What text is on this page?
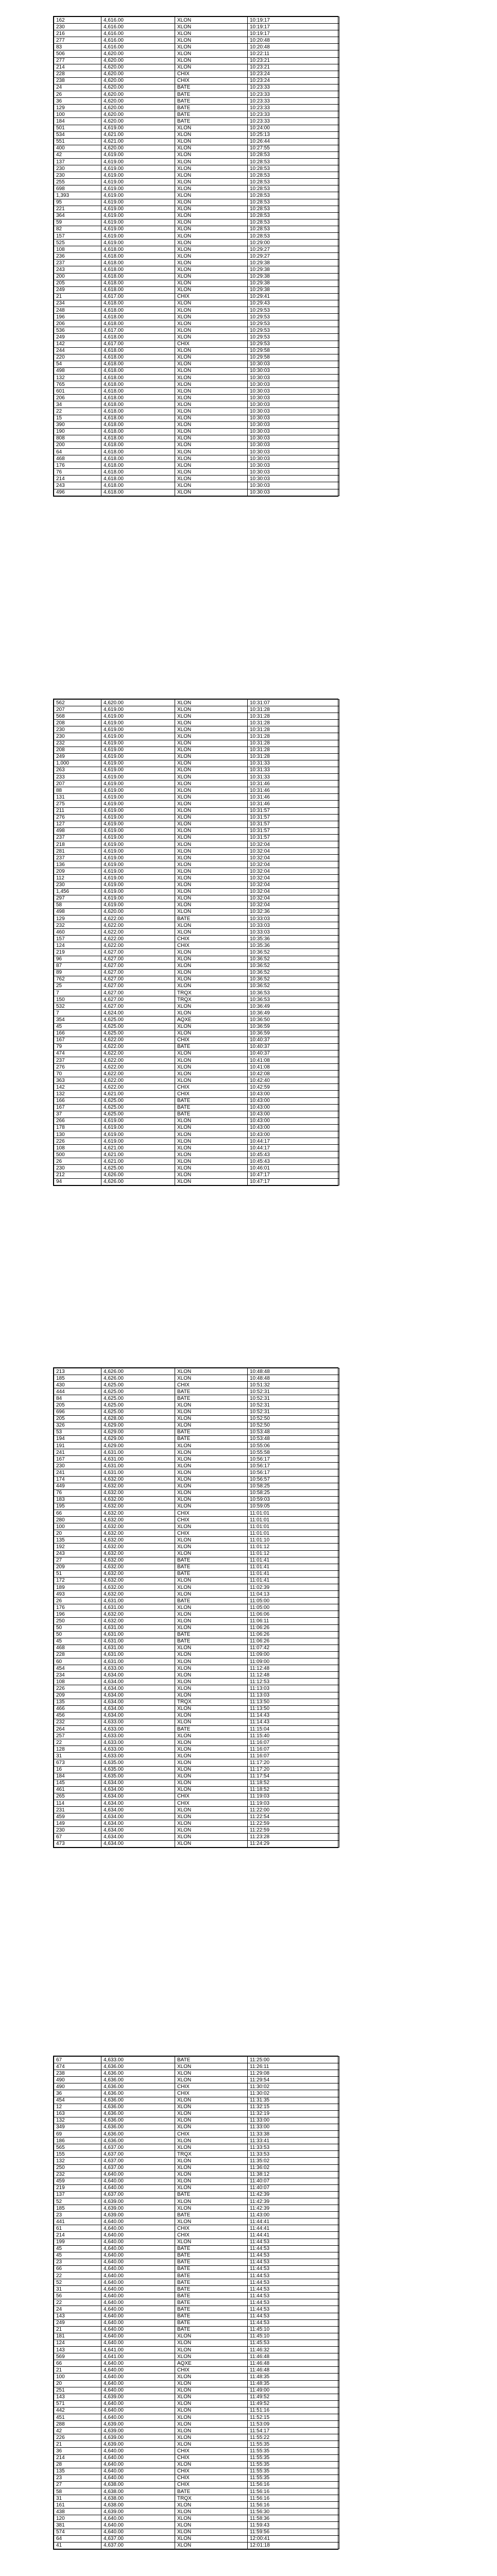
162	4,616.00	XLON	10:19:17
230	4,616.00	XLON	10:19:17
216	4,616.00	XLON	10:19:17
277	4,616.00	XLON	10:20:48
83	4,616.00	XLON	10:20:48
506	4,620.00	XLON	10:22:11
277	4,620.00	XLON	10:23:21
214	4,620.00	XLON	10:23:21
228	4,620.00	CHIX	10:23:24
238	4,620.00	CHIX	10:23:24
24	4,620.00	BATE	10:23:33
26	4,620.00	BATE	10:23:33
36	4,620.00	BATE	10:23:33
129	4,620.00	BATE	10:23:33
100	4,620.00	BATE	10:23:33
184	4,620.00	BATE	10:23:33
501	4,619.00	XLON	10:24:00
534	4,621.00	XLON	10:25:13
551	4,621.00	XLON	10:26:44
400	4,620.00	XLON	10:27:55
42	4,619.00	XLON	10:28:53
137	4,619.00	XLON	10:28:53
230	4,619.00	XLON	10:28:53
230	4,619.00	XLON	10:28:53
255	4,619.00	XLON	10:28:53
698	4,619.00	XLON	10:28:53
1,393	4,619.00	XLON	10:28:53
95	4,619.00	XLON	10:28:53
221	4,619.00	XLON	10:28:53
364	4,619.00	XLON	10:28:53
59	4,619.00	XLON	10:28:53
82	4,619.00	XLON	10:28:53
157	4,619.00	XLON	10:28:53
525	4,619.00	XLON	10:29:00
108	4,618.00	XLON	10:29:27
236	4,618.00	XLON	10:29:27
237	4,618.00	XLON	10:29:38
243	4,618.00	XLON	10:29:38
200	4,618.00	XLON	10:29:38
205	4,618.00	XLON	10:29:38
249	4,618.00	XLON	10:29:38
21	4,617.00	CHIX	10:29:41
234	4,618.00	XLON	10:29:43
248	4,618.00	XLON	10:29:53
196	4,618.00	XLON	10:29:53
206	4,618.00	XLON	10:29:53
536	4,617.00	XLON	10:29:53
249	4,618.00	XLON	10:29:53
142	4,617.00	CHIX	10:29:53
244	4,618.00	XLON	10:29:58
220	4,618.00	XLON	10:29:58
54	4,618.00	XLON	10:30:03
498	4,618.00	XLON	10:30:03
132	4,618.00	XLON	10:30:03
765	4,618.00	XLON	10:30:03
601	4,618.00	XLON	10:30:03
206	4,618.00	XLON	10:30:03
34	4,618.00	XLON	10:30:03
22	4,618.00	XLON	10:30:03
15	4,618.00	XLON	10:30:03
390	4,618.00	XLON	10:30:03
190	4,618.00	XLON	10:30:03
808	4,618.00	XLON	10:30:03
200	4,618.00	XLON	10:30:03
64	4,618.00	XLON	10:30:03
468	4,618.00	XLON	10:30:03
176	4,618.00	XLON	10:30:03
76	4,618.00	XLON	10:30:03
214	4,618.00	XLON	10:30:03
243	4,618.00	XLON	10:30:03
496	4,618.00	XLON	10:30:03
562	4,620.00	XLON	10:31:07
207	4,619.00	XLON	10:31:28
568	4,619.00	XLON	10:31:28
208	4,619.00	XLON	10:31:28
230	4,619.00	XLON	10:31:28
230	4,619.00	XLON	10:31:28
232	4,619.00	XLON	10:31:28
208	4,619.00	XLON	10:31:28
249	4,619.00	XLON	10:31:28
1,000	4,619.00	XLON	10:31:33
263	4,619.00	XLON	10:31:33
233	4,619.00	XLON	10:31:33
207	4,619.00	XLON	10:31:46
88	4,619.00	XLON	10:31:46
131	4,619.00	XLON	10:31:46
275	4,619.00	XLON	10:31:46
211	4,619.00	XLON	10:31:57
276	4,619.00	XLON	10:31:57
127	4,619.00	XLON	10:31:57
498	4,619.00	XLON	10:31:57
237	4,619.00	XLON	10:31:57
218	4,619.00	XLON	10:32:04
281	4,619.00	XLON	10:32:04
237	4,619.00	XLON	10:32:04
136	4,619.00	XLON	10:32:04
209	4,619.00	XLON	10:32:04
112	4,619.00	XLON	10:32:04
230	4,619.00	XLON	10:32:04
1,456	4,619.00	XLON	10:32:04
297	4,619.00	XLON	10:32:04
58	4,619.00	XLON	10:32:04
498	4,620.00	XLON	10:32:36
129	4,622.00	BATE	10:33:03
232	4,622.00	XLON	10:33:03
460	4,622.00	XLON	10:33:03
157	4,622.00	CHIX	10:35:36
124	4,622.00	CHIX	10:35:36
219	4,627.00	XLON	10:36:52
96	4,627.00	XLON	10:36:52
87	4,627.00	XLON	10:36:52
89	4,627.00	XLON	10:36:52
762	4,627.00	XLON	10:36:52
25	4,627.00	XLON	10:36:52
7	4,627.00	TRQX	10:36:53
150	4,627.00	TRQX	10:36:53
532	4,627.00	XLON	10:36:49
7	4,624.00	XLON	10:36:49
354	4,625.00	AQXE	10:36:50
45	4,625.00	XLON	10:36:59
166	4,625.00	XLON	10:36:59
167	4,622.00	CHIX	10:40:37
79	4,622.00	BATE	10:40:37
474	4,622.00	XLON	10:40:37
237	4,622.00	XLON	10:41:08
276	4,622.00	XLON	10:41:08
70	4,622.00	XLON	10:42:08
363	4,622.00	XLON	10:42:40
142	4,622.00	CHIX	10:42:59
132	4,621.00	CHIX	10:43:00
166	4,625.00	BATE	10:43:00
167	4,625.00	BATE	10:43:00
37	4,625.00	BATE	10:43:00
266	4,619.00	XLON	10:43:00
178	4,619.00	XLON	10:43:00
130	4,619.00	XLON	10:43:00
226	4,619.00	XLON	10:44:17
108	4,621.00	XLON	10:44:17
500	4,621.00	XLON	10:45:43
26	4,621.00	XLON	10:45:43
230	4,625.00	XLON	10:46:01
212	4,626.00	XLON	10:47:17
94	4,626.00	XLON	10:47:17
213	4,626.00	XLON	10:48:48
185	4,626.00	XLON	10:48:48
430	4,625.00	CHIX	10:51:32
444	4,625.00	BATE	10:52:31
84	4,625.00	BATE	10:52:31
205	4,625.00	XLON	10:52:31
696	4,625.00	XLON	10:52:31
205	4,628.00	XLON	10:52:50
326	4,629.00	XLON	10:52:50
53	4,629.00	BATE	10:53:48
194	4,629.00	BATE	10:53:48
191	4,629.00	XLON	10:55:06
241	4,631.00	XLON	10:55:58
167	4,631.00	XLON	10:56:17
230	4,631.00	XLON	10:56:17
241	4,631.00	XLON	10:56:17
174	4,632.00	XLON	10:56:57
449	4,632.00	XLON	10:58:25
76	4,632.00	XLON	10:58:25
183	4,632.00	XLON	10:59:03
195	4,632.00	XLON	10:59:05
66	4,632.00	CHIX	11:01:01
280	4,632.00	CHIX	11:01:01
100	4,632.00	XLON	11:01:01
20	4,632.00	CHIX	11:01:01
135	4,632.00	XLON	11:01:10
192	4,632.00	XLON	11:01:12
243	4,632.00	XLON	11:01:12
27	4,632.00	BATE	11:01:41
209	4,632.00	BATE	11:01:41
51	4,632.00	BATE	11:01:41
172	4,632.00	XLON	11:01:41
189	4,632.00	XLON	11:02:39
493	4,632.00	XLON	11:04:13
26	4,631.00	BATE	11:05:00
176	4,631.00	XLON	11:05:00
196	4,632.00	XLON	11:06:06
250	4,632.00	XLON	11:06:11
50	4,631.00	XLON	11:06:26
50	4,631.00	BATE	11:06:26
45	4,631.00	BATE	11:06:26
468	4,631.00	XLON	11:07:42
228	4,631.00	XLON	11:09:00
60	4,631.00	XLON	11:09:00
454	4,633.00	XLON	11:12:48
234	4,634.00	XLON	11:12:48
108	4,634.00	XLON	11:12:53
226	4,634.00	XLON	11:13:03
209	4,634.00	XLON	11:13:03
135	4,634.00	TRQX	11:13:50
466	4,634.00	XLON	11:13:50
456	4,634.00	XLON	11:14:43
232	4,633.00	XLON	11:14:43
264	4,633.00	BATE	11:15:04
257	4,633.00	XLON	11:15:40
22	4,633.00	XLON	11:16:07
128	4,633.00	XLON	11:16:07
31	4,633.00	XLON	11:16:07
673	4,635.00	XLON	11:17:20
16	4,635.00	XLON	11:17:20
184	4,635.00	XLON	11:17:54
145	4,634.00	XLON	11:18:52
461	4,634.00	XLON	11:18:52
265	4,634.00	CHIX	11:19:03
114	4,634.00	CHIX	11:19:03
231	4,634.00	XLON	11:22:00
459	4,634.00	XLON	11:22:54
149	4,634.00	XLON	11:22:59
230	4,634.00	XLON	11:22:59
67	4,634.00	XLON	11:23:28
473	4,634.00	XLON	11:24:29
67	4,633.00	BATE	11:25:00
474	4,636.00	XLON	11:26:11
238	4,636.00	XLON	11:29:08
490	4,636.00	XLON	11:29:54
490	4,636.00	CHIX	11:30:02
36	4,636.00	CHIX	11:30:02
454	4,636.00	XLON	11:31:35
12	4,636.00	XLON	11:32:15
163	4,636.00	XLON	11:32:19
132	4,636.00	XLON	11:33:00
349	4,636.00	XLON	11:33:00
69	4,636.00	CHIX	11:33:38
186	4,636.00	XLON	11:33:41
565	4,637.00	XLON	11:33:53
155	4,637.00	TRQX	11:33:53
132	4,637.00	XLON	11:35:02
250	4,637.00	XLON	11:36:02
232	4,640.00	XLON	11:38:12
459	4,640.00	XLON	11:40:07
219	4,640.00	XLON	11:40:07
137	4,637.00	BATE	11:42:39
52	4,639.00	XLON	11:42:39
185	4,639.00	XLON	11:42:39
23	4,639.00	BATE	11:43:00
441	4,640.00	XLON	11:44:41
61	4,640.00	CHIX	11:44:41
214	4,640.00	CHIX	11:44:41
199	4,640.00	XLON	11:44:53
45	4,640.00	BATE	11:44:53
45	4,640.00	BATE	11:44:53
23	4,640.00	BATE	11:44:53
66	4,640.00	BATE	11:44:53
22	4,640.00	BATE	11:44:53
52	4,640.00	BATE	11:44:53
31	4,640.00	BATE	11:44:53
56	4,640.00	BATE	11:44:53
22	4,640.00	BATE	11:44:53
24	4,640.00	BATE	11:44:53
143	4,640.00	BATE	11:44:53
249	4,640.00	BATE	11:44:53
21	4,640.00	BATE	11:45:10
181	4,640.00	XLON	11:45:10
124	4,640.00	XLON	11:45:53
143	4,641.00	XLON	11:46:32
569	4,641.00	XLON	11:46:48
66	4,640.00	AQXE	11:46:48
21	4,640.00	CHIX	11:46:48
100	4,640.00	XLON	11:48:35
20	4,640.00	XLON	11:48:35
251	4,640.00	XLON	11:49:00
143	4,639.00	XLON	11:49:52
571	4,640.00	XLON	11:49:52
442	4,640.00	XLON	11:51:16
451	4,640.00	XLON	11:52:15
288	4,639.00	XLON	11:53:09
42	4,639.00	XLON	11:54:17
226	4,639.00	XLON	11:55:22
21	4,639.00	XLON	11:55:35
36	4,640.00	CHIX	11:55:35
214	4,640.00	CHIX	11:55:35
28	4,640.00	XLON	11:55:35
135	4,640.00	CHIX	11:55:35
23	4,640.00	CHIX	11:55:35
27	4,638.00	CHIX	11:56:16
58	4,638.00	BATE	11:56:16
31	4,638.00	TRQX	11:56:16
161	4,638.00	XLON	11:56:16
438	4,639.00	XLON	11:56:30
120	4,640.00	XLON	11:58:36
381	4,640.00	XLON	11:59:43
574	4,640.00	XLON	11:59:56
64	4,637.00	XLON	12:00:41
41	4,637.00	XLON	12:01:18
